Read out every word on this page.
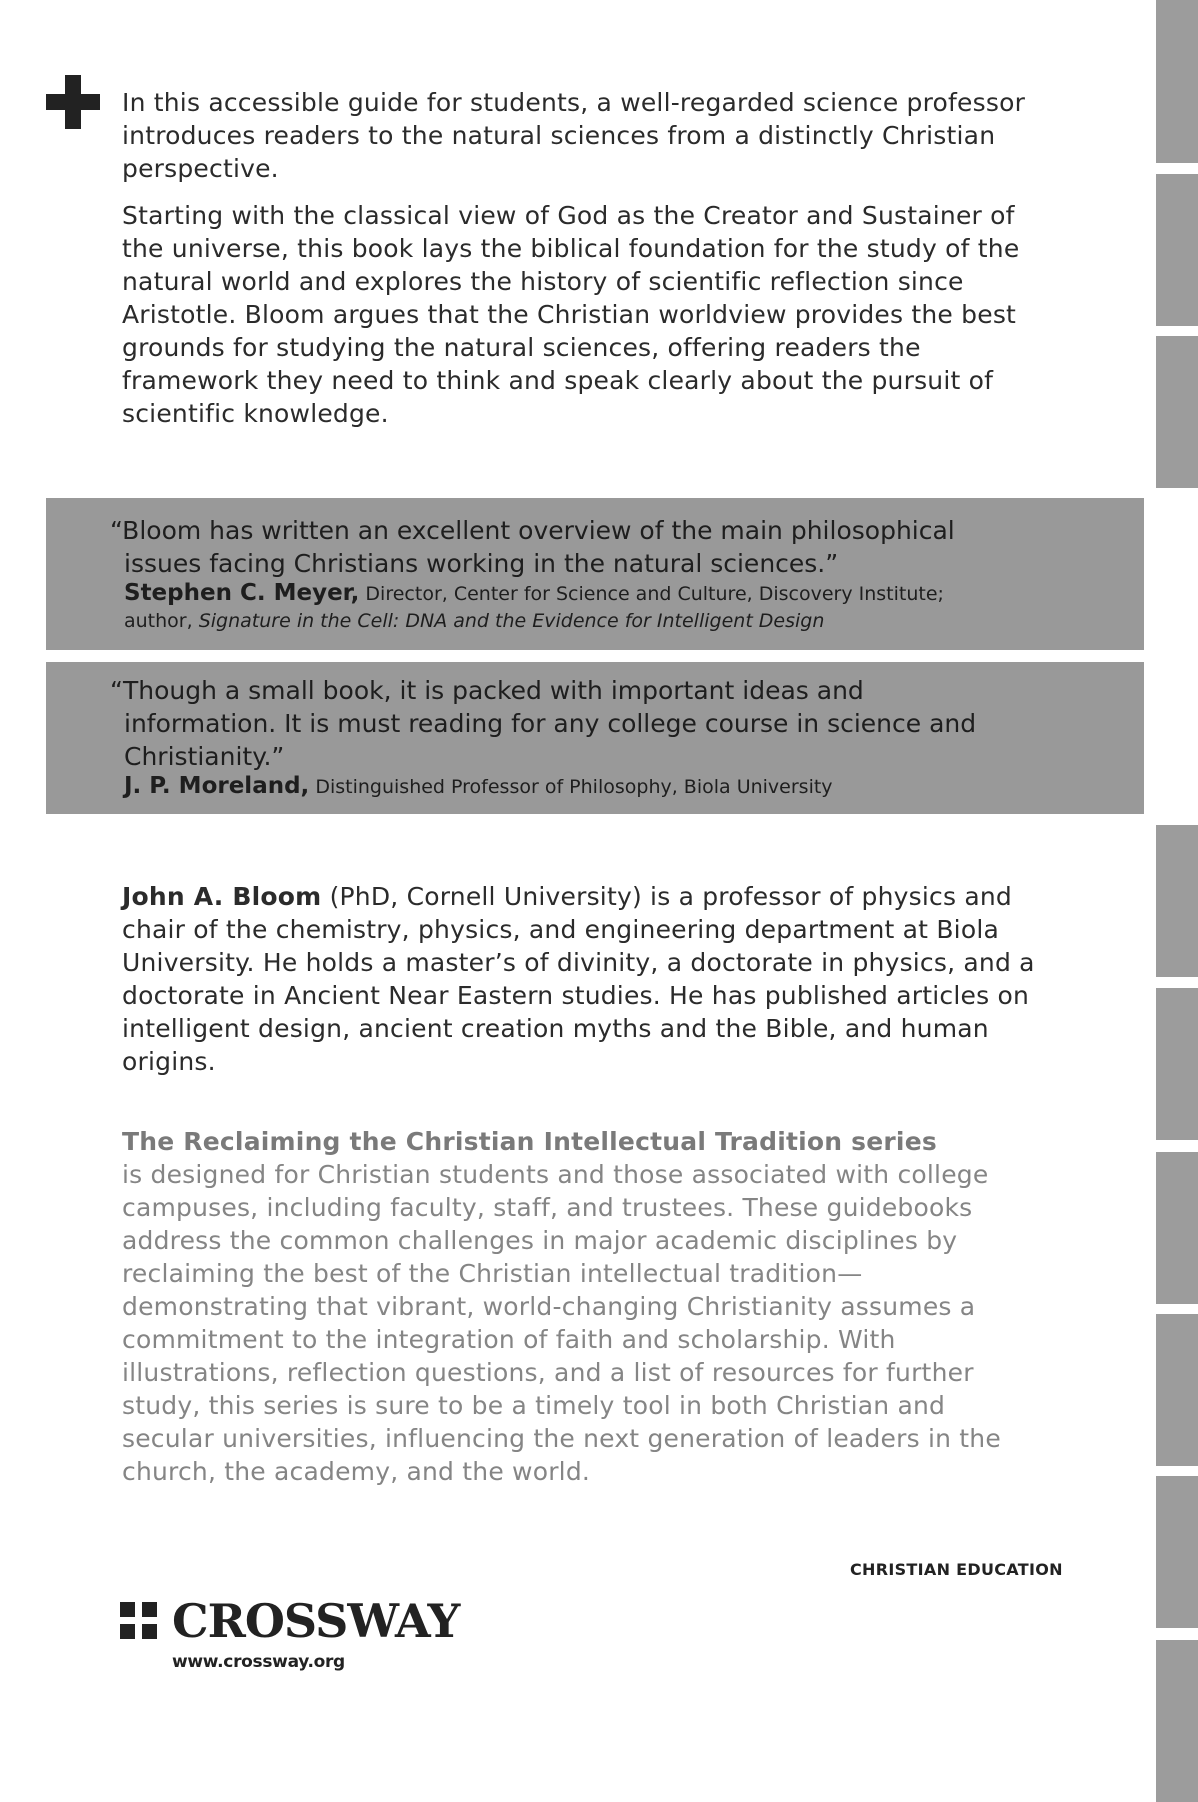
In this accessible guide for students, a well-regarded science professor introduces readers to the natural sciences from a distinctly Christian perspective.

Starting with the classical view of God as the Creator and Sustainer of the universe, this book lays the biblical foundation for the study of the natural world and explores the history of scientific reflection since Aristotle. Bloom argues that the Christian worldview provides the best grounds for studying the natural sciences, offering readers the framework they need to think and speak clearly about the pursuit of scientific knowledge.

“Bloom has written an excellent overview of the main philosophical
issues facing Christians working in the natural sciences.”

Stephen C. Meyer, Director, Center for Science and Culture, Discovery Institute;
author, Signature in the Cell: DNA and the Evidence for Intelligent Design

“Though a small book, it is packed with important ideas and
information. It is must reading for any college course in science and Christianity.”

J. P. Moreland, Distinguished Professor of Philosophy, Biola University

John A. Bloom (PhD, Cornell University) is a professor of physics and chair of the chemistry, physics, and engineering department at Biola University. He holds a master’s of divinity, a doctorate in physics, and a doctorate in Ancient Near Eastern studies. He has published articles on intelligent design, ancient creation myths and the Bible, and human origins.

The Reclaiming the Christian Intellectual Tradition series

is designed for Christian students and those associated with college campuses, including faculty, staff, and trustees. These guidebooks address the common challenges in major academic disciplines by reclaiming the best of the Christian intellectual tradition—demonstrating that vibrant, world-changing Christianity assumes a commitment to the integration of faith and scholarship. With illustrations, reflection questions, and a list of resources for further study, this series is sure to be a timely tool in both Christian and secular universities, influencing the next generation of leaders in the church, the academy, and the world.

CHRISTIAN EDUCATION
CROSSWAY
www.crossway.org
